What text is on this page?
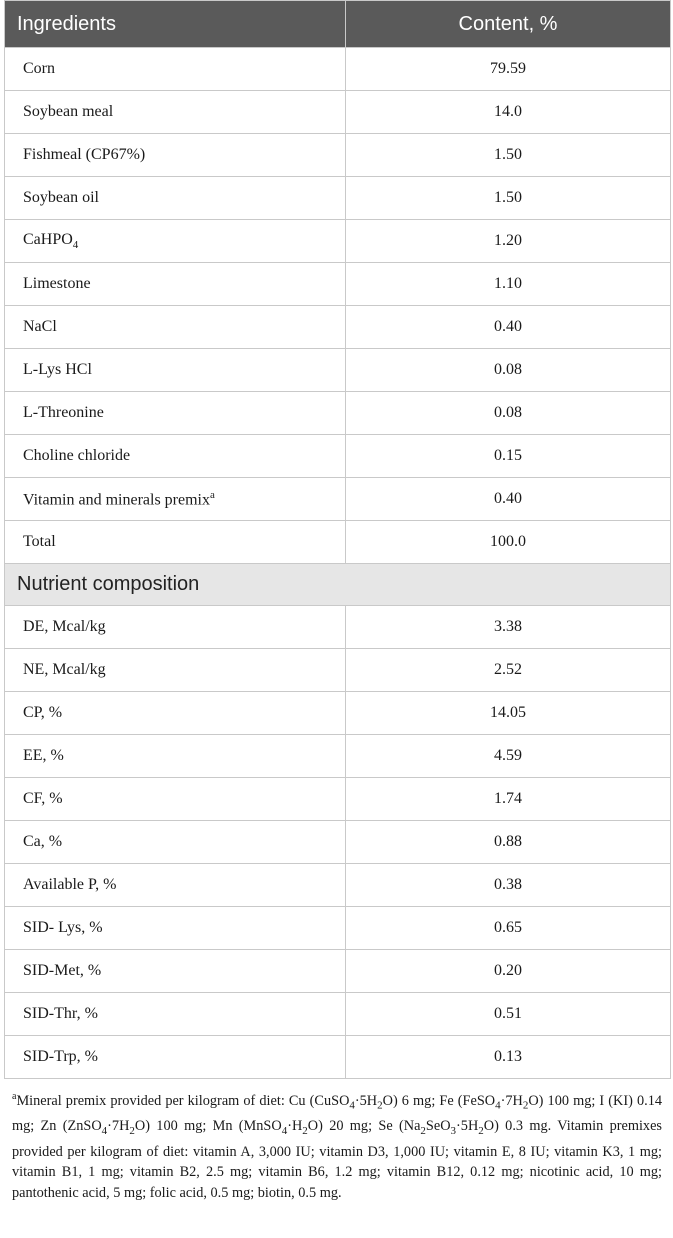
Ingredients	Content, %
Corn	79.59
Soybean meal	14.0
Fishmeal (CP67%)	1.50
Soybean oil	1.50
CaHPO$_4$	1.20
Limestone	1.10
NaCl	0.40
L-Lys HCl	0.08
L-Threonine	0.08
Choline chloride	0.15
Vitamin and minerals premix$^a$	0.40
Total	100.0
Nutrient composition	
DE, Mcal/kg	3.38
NE, Mcal/kg	2.52
CP, %	14.05
EE, %	4.59
CF, %	1.74
Ca, %	0.88
Available P, %	0.38
SID- Lys, %	0.65
SID-Met, %	0.20
SID-Thr, %	0.51
SID-Trp, %	0.13

$^a$Mineral premix provided per kilogram of diet: Cu $(CuSO_4\cdot 5H_2O)$ 6 mg; Fe $(FeSO_4\cdot 7H_2O)$ 100 mg; I (KI) 0.14 mg; Zn $(ZnSO_4\cdot 7H_2O)$ 100 mg; Mn $(MnSO_4\cdot H_2O)$ 20 mg; Se $(Na_2SeO_3\cdot 5H_2O)$ 0.3 mg. Vitamin premixes provided per kilogram of diet: vitamin A, 3,000 IU; vitamin D3, 1,000 IU; vitamin E, 8 IU; vitamin K3, 1 mg; vitamin B1, 1 mg; vitamin B2, 2.5 mg; vitamin B6, 1.2 mg; vitamin B12, 0.12 mg; nicotinic acid, 10 mg; pantothenic acid, 5 mg; folic acid, 0.5 mg; biotin, 0.5 mg.
